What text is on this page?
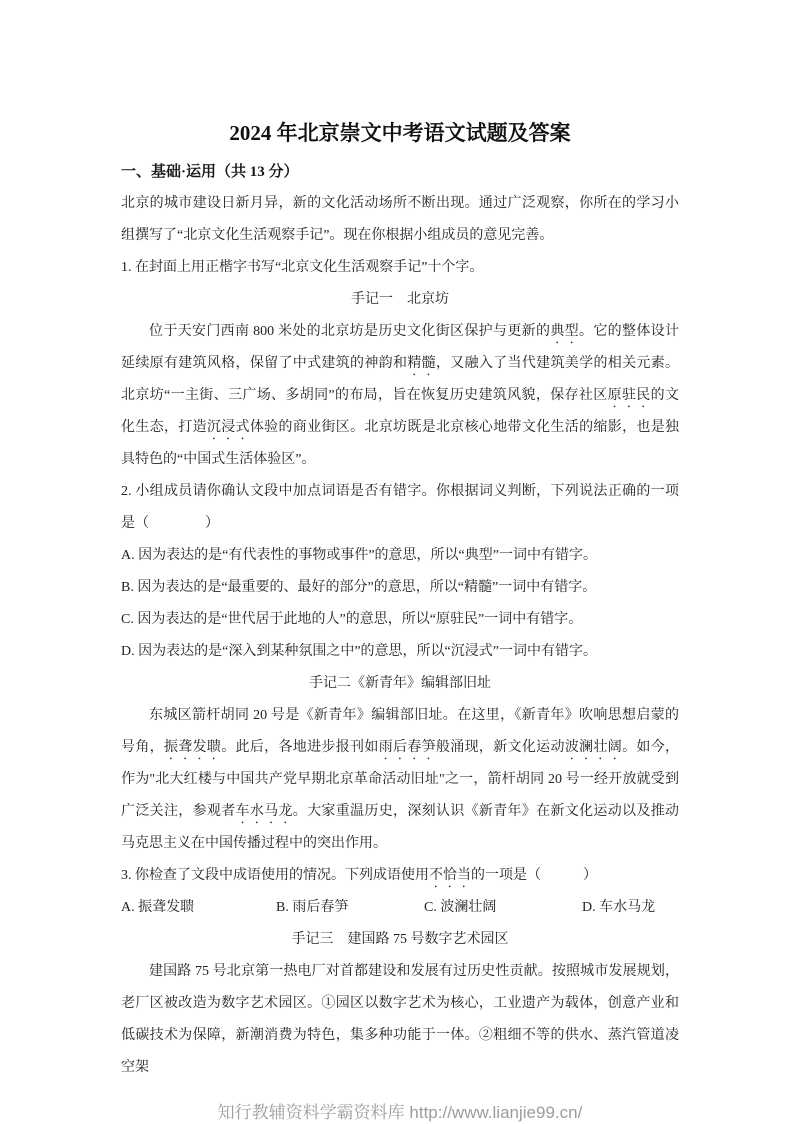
2024 年北京崇文中考语文试题及答案
一、基础·运用（共 13 分）

北京的城市建设日新月异，新的文化活动场所不断出现。通过广泛观察，你所在的学习小组撰写了“北京文化生活观察手记”。现在你根据小组成员的意见完善。

1. 在封面上用正楷字书写“北京文化生活观察手记”十个字。

手记一　北京坊

位于天安门西南 800 米处的北京坊是历史文化街区保护与更新的典型。它的整体设计延续原有建筑风格，保留了中式建筑的神韵和精髓，又融入了当代建筑美学的相关元素。北京坊“一主街、三广场、多胡同”的布局，旨在恢复历史建筑风貌，保存社区原驻民的文化生态，打造沉浸式体验的商业街区。北京坊既是北京核心地带文化生活的缩影，也是独具特色的“中国式生活体验区”。

2. 小组成员请你确认文段中加点词语是否有错字。你根据词义判断，下列说法正确的一项是（　　　　）

A. 因为表达的是“有代表性的事物或事件”的意思，所以“典型”一词中有错字。

B. 因为表达的是“最重要的、最好的部分”的意思，所以“精髓”一词中有错字。

C. 因为表达的是“世代居于此地的人”的意思，所以“原驻民”一词中有错字。

D. 因为表达的是“深入到某种氛围之中”的意思，所以“沉浸式”一词中有错字。

手记二《新青年》编辑部旧址

东城区箭杆胡同 20 号是《新青年》编辑部旧址。在这里，《新青年》吹响思想启蒙的号角，振聋发聩。此后，各地进步报刊如雨后春笋般涌现，新文化运动波澜壮阔。如今，作为"北大红楼与中国共产党早期北京革命活动旧址"之一，箭杆胡同 20 号一经开放就受到广泛关注，参观者车水马龙。大家重温历史，深刻认识《新青年》在新文化运动以及推动马克思主义在中国传播过程中的突出作用。

3. 你检查了文段中成语使用的情况。下列成语使用不恰当的一项是（　　　）

A. 振聋发聩	B. 雨后春笋	C. 波澜壮阔	D. 车水马龙
手记三　建国路 75 号数字艺术园区

建国路 75 号北京第一热电厂对首都建设和发展有过历史性贡献。按照城市发展规划，老厂区被改造为数字艺术园区。①园区以数字艺术为核心，工业遗产为载体，创意产业和低碳技术为保障，新潮消费为特色，集多种功能于一体。②粗细不等的供水、蒸汽管道凌空架

知行教辅资料学霸资料库 http://www.lianjie99.cn/
